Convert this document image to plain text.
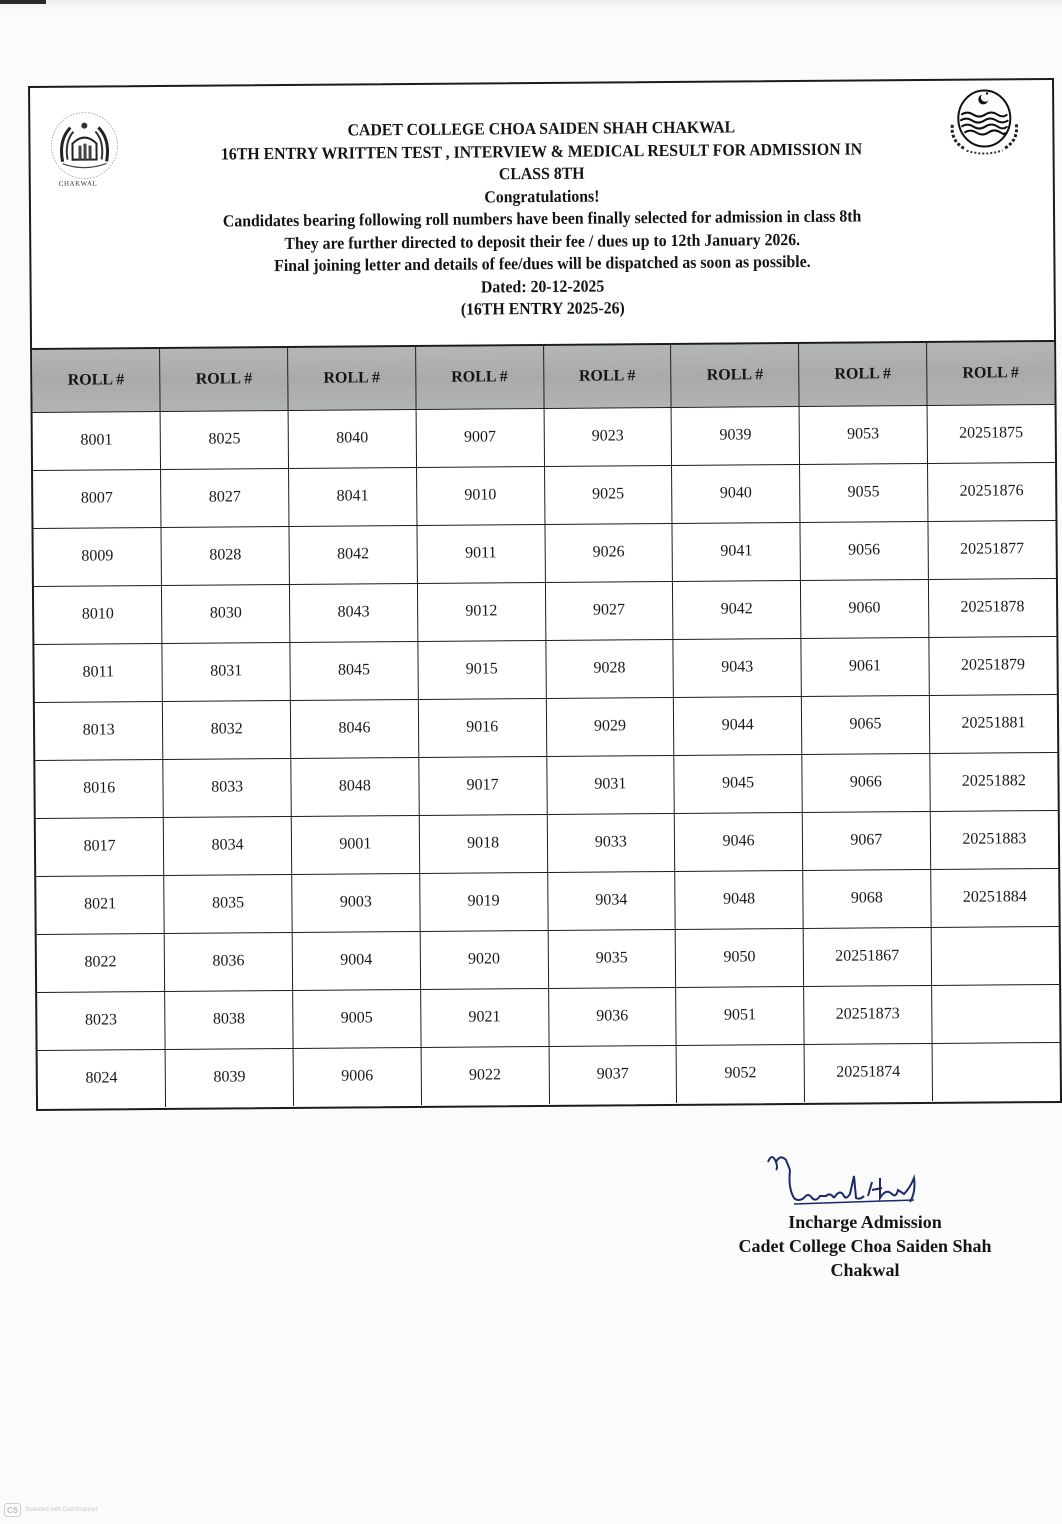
CHAKWAL
CADET COLLEGE CHOA SAIDEN SHAH CHAKWAL
16TH ENTRY WRITTEN TEST , INTERVIEW & MEDICAL RESULT FOR ADMISSION IN
CLASS 8TH
Congratulations!
Candidates bearing following roll numbers have been finally selected for admission in class 8th
They are further directed to deposit their fee / dues up to 12th January 2026.
Final joining letter and details of fee/dues will be dispatched as soon as possible.
Dated: 20-12-2025
(16TH ENTRY 2025-26)
ROLL #	ROLL #	ROLL #	ROLL #	ROLL #	ROLL #	ROLL #	ROLL #
8001	8025	8040	9007	9023	9039	9053	20251875
8007	8027	8041	9010	9025	9040	9055	20251876
8009	8028	8042	9011	9026	9041	9056	20251877
8010	8030	8043	9012	9027	9042	9060	20251878
8011	8031	8045	9015	9028	9043	9061	20251879
8013	8032	8046	9016	9029	9044	9065	20251881
8016	8033	8048	9017	9031	9045	9066	20251882
8017	8034	9001	9018	9033	9046	9067	20251883
8021	8035	9003	9019	9034	9048	9068	20251884
8022	8036	9004	9020	9035	9050	20251867	
8023	8038	9005	9021	9036	9051	20251873	
8024	8039	9006	9022	9037	9052	20251874	
Incharge Admission
Cadet College Choa Saiden Shah
Chakwal
CS	Scanned with CamScanner
